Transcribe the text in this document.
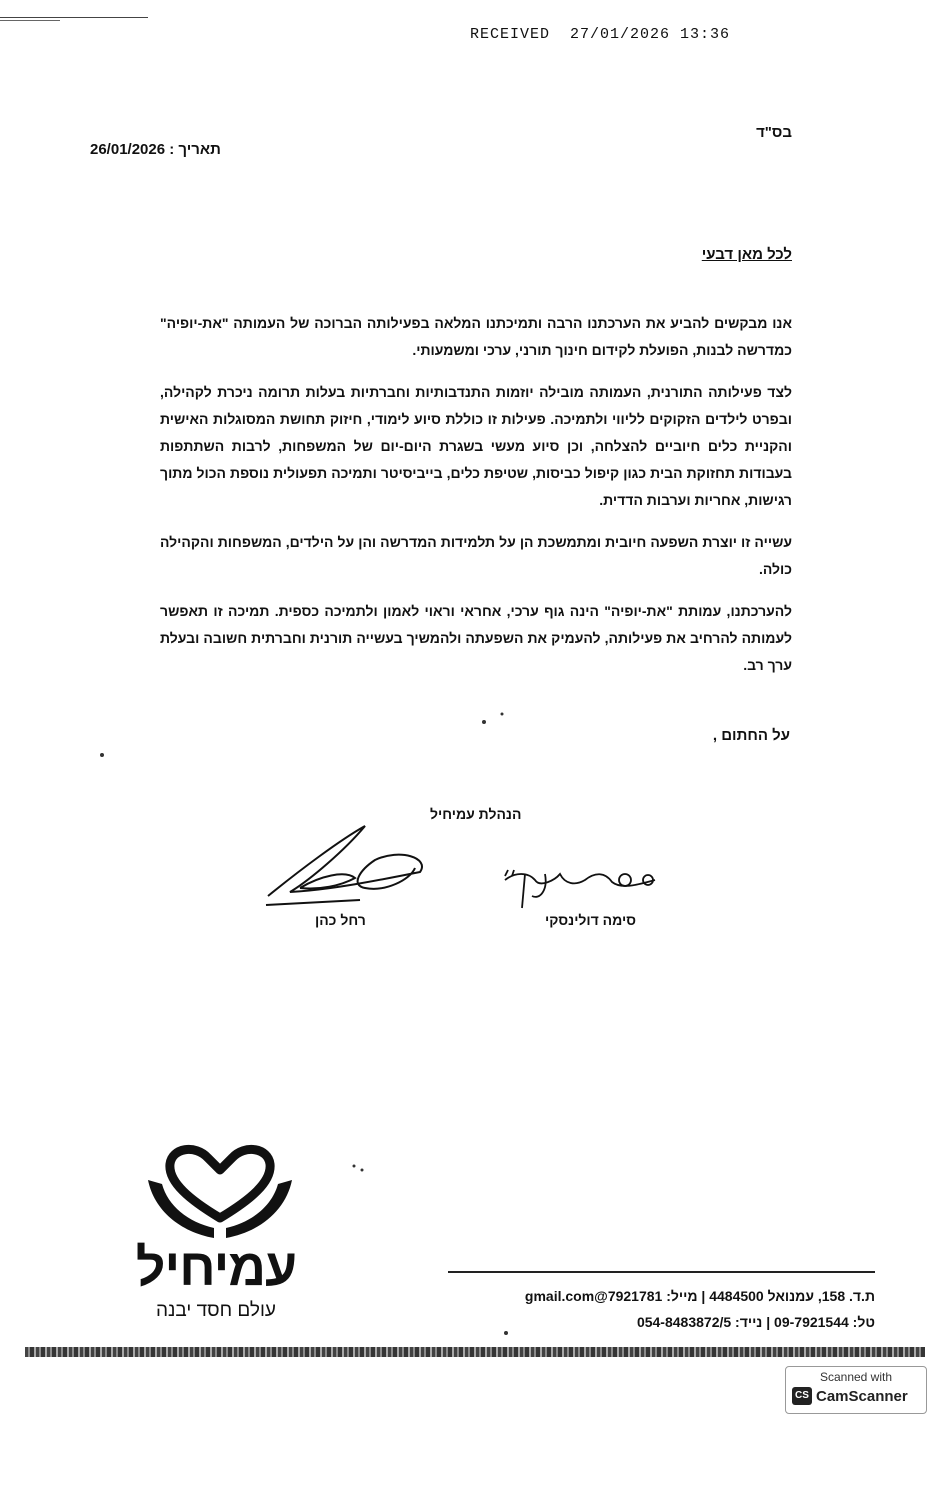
RECEIVED  27/01/2026 13:36
בס"ד
תאריך : 26/01/2026
לכל מאן דבעי

אנו מבקשים להביע את הערכתנו הרבה ותמיכתנו המלאה בפעילותה הברוכה של העמותה "את-יופיה" כמדרשה לבנות, הפועלת לקידום חינוך תורני, ערכי ומשמעותי.

לצד פעילותה התורנית, העמותה מובילה יוזמות התנדבותיות וחברתיות בעלות תרומה ניכרת לקהילה, ובפרט לילדים הזקוקים לליווי ולתמיכה. פעילות זו כוללת סיוע לימודי, חיזוק תחושת המסוגלות האישית והקניית כלים חיוביים להצלחה, וכן סיוע מעשי בשגרת היום-יום של המשפחות, לרבות השתתפות בעבודות תחזוקת הבית כגון קיפול כביסות, שטיפת כלים, בייביסיטר ותמיכה תפעולית נוספת הכול מתוך רגישות, אחריות וערבות הדדית.

עשייה זו יוצרת השפעה חיובית ומתמשכת הן על תלמידות המדרשה והן על הילדים, המשפחות והקהילה כולה.

להערכתנו, עמותת "את-יופיה" הינה גוף ערכי, אחראי וראוי לאמון ולתמיכה כספית. תמיכה זו תאפשר לעמותה להרחיב את פעילותה, להעמיק את השפעתה ולהמשיך בעשייה תורנית וחברתית חשובה ובעלת ערך רב.

על החתום ,
הנהלת עמיחיל
סימה דולינסקי
רחל כהן
עמיחיל
עולם חסד יבנה
ת.ד. 158, עמנואל 4484500 | מייל: 7921781@gmail.com
טל: 09-7921544 | נייד: 054-8483872/5
Scanned with
CS CamScanner
